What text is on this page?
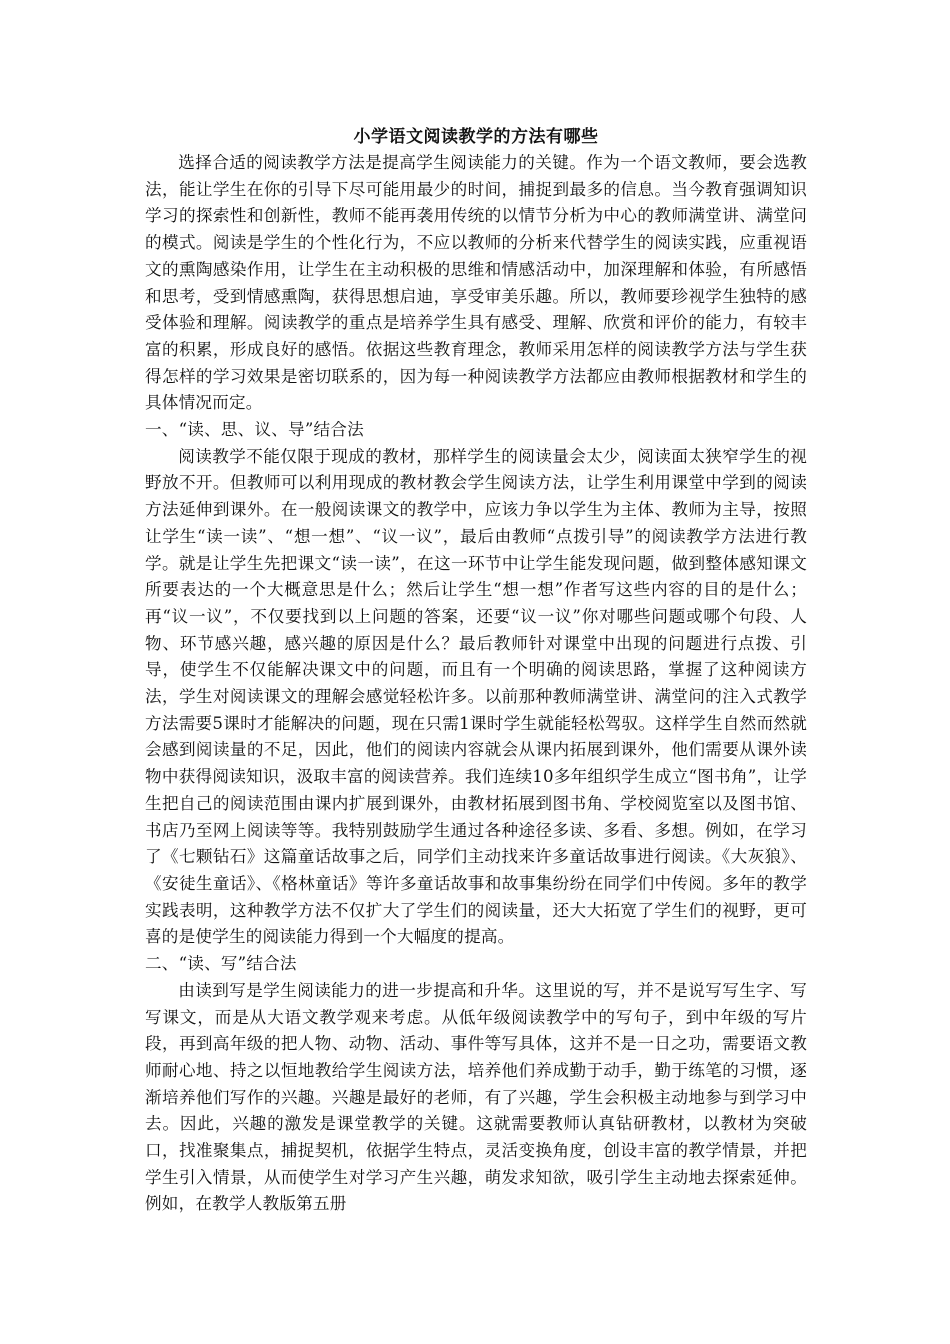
小学语文阅读教学的方法有哪些

选择合适的阅读教学方法是提高学生阅读能力的关键。作为一个语文教师，要会选教法，能让学生在你的引导下尽可能用最少的时间，捕捉到最多的信息。当今教育强调知识学习的探索性和创新性，教师不能再袭用传统的以情节分析为中心的教师满堂讲、满堂问的模式。阅读是学生的个性化行为，不应以教师的分析来代替学生的阅读实践，应重视语文的熏陶感染作用，让学生在主动积极的思维和情感活动中，加深理解和体验，有所感悟和思考，受到情感熏陶，获得思想启迪，享受审美乐趣。所以，教师要珍视学生独特的感受体验和理解。阅读教学的重点是培养学生具有感受、理解、欣赏和评价的能力，有较丰富的积累，形成良好的感悟。依据这些教育理念，教师采用怎样的阅读教学方法与学生获得怎样的学习效果是密切联系的，因为每一种阅读教学方法都应由教师根据教材和学生的具体情况而定。

一、“读、思、议、导”结合法

阅读教学不能仅限于现成的教材，那样学生的阅读量会太少，阅读面太狭窄学生的视野放不开。但教师可以利用现成的教材教会学生阅读方法，让学生利用课堂中学到的阅读方法延伸到课外。在一般阅读课文的教学中，应该力争以学生为主体、教师为主导，按照让学生“读一读”、“想一想”、“议一议”，最后由教师“点拨引导”的阅读教学方法进行教学。就是让学生先把课文“读一读”，在这一环节中让学生能发现问题，做到整体感知课文所要表达的一个大概意思是什么；然后让学生“想一想”作者写这些内容的目的是什么；再“议一议”，不仅要找到以上问题的答案，还要“议一议”你对哪些问题或哪个句段、人物、环节感兴趣，感兴趣的原因是什么？最后教师针对课堂中出现的问题进行点拨、引导，使学生不仅能解决课文中的问题，而且有一个明确的阅读思路，掌握了这种阅读方法，学生对阅读课文的理解会感觉轻松许多。以前那种教师满堂讲、满堂问的注入式教学方法需要5课时才能解决的问题，现在只需1课时学生就能轻松驾驭。这样学生自然而然就会感到阅读量的不足，因此，他们的阅读内容就会从课内拓展到课外，他们需要从课外读物中获得阅读知识，汲取丰富的阅读营养。我们连续10多年组织学生成立“图书角”，让学生把自己的阅读范围由课内扩展到课外，由教材拓展到图书角、学校阅览室以及图书馆、书店乃至网上阅读等等。我特别鼓励学生通过各种途径多读、多看、多想。例如，在学习了《七颗钻石》这篇童话故事之后，同学们主动找来许多童话故事进行阅读。《大灰狼》、《安徒生童话》、《格林童话》等许多童话故事和故事集纷纷在同学们中传阅。多年的教学实践表明，这种教学方法不仅扩大了学生们的阅读量，还大大拓宽了学生们的视野，更可喜的是使学生的阅读能力得到一个大幅度的提高。

二、“读、写”结合法

由读到写是学生阅读能力的进一步提高和升华。这里说的写，并不是说写写生字、写写课文，而是从大语文教学观来考虑。从低年级阅读教学中的写句子，到中年级的写片段，再到高年级的把人物、动物、活动、事件等写具体，这并不是一日之功，需要语文教师耐心地、持之以恒地教给学生阅读方法，培养他们养成勤于动手，勤于练笔的习惯，逐渐培养他们写作的兴趣。兴趣是最好的老师，有了兴趣，学生会积极主动地参与到学习中去。因此，兴趣的激发是课堂教学的关键。这就需要教师认真钻研教材，以教材为突破口，找准聚集点，捕捉契机，依据学生特点，灵活变换角度，创设丰富的教学情景，并把学生引入情景，从而使学生对学习产生兴趣，萌发求知欲，吸引学生主动地去探索延伸。例如，在教学人教版第五册
